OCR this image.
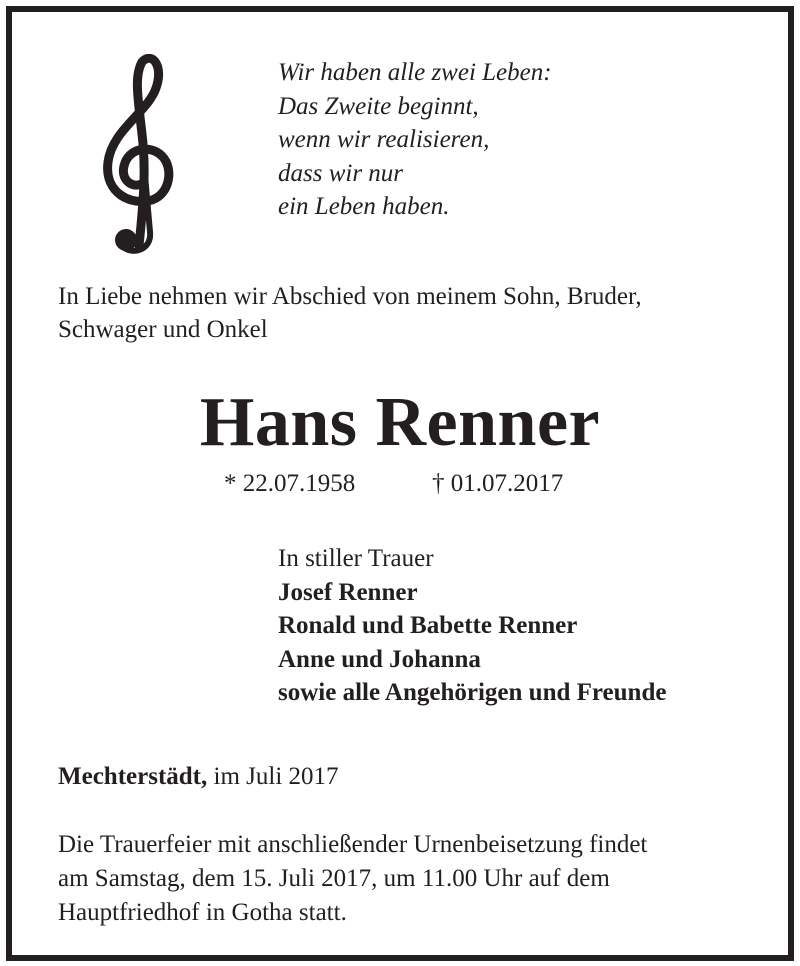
Wir haben alle zwei Leben:
Das Zweite beginnt,
wenn wir realisieren,
dass wir nur
ein Leben haben.
In Liebe nehmen wir Abschied von meinem Sohn, Bruder,
Schwager und Onkel
Hans Renner
* 22.07.1958	† 01.07.2017
In stiller Trauer
Josef Renner
Ronald und Babette Renner
Anne und Johanna
sowie alle Angehörigen und Freunde
Mechterstädt, im Juli 2017
Die Trauerfeier mit anschließender Urnenbeisetzung findet
am Samstag, dem 15. Juli 2017, um 11.00 Uhr auf dem
Hauptfriedhof in Gotha statt.
